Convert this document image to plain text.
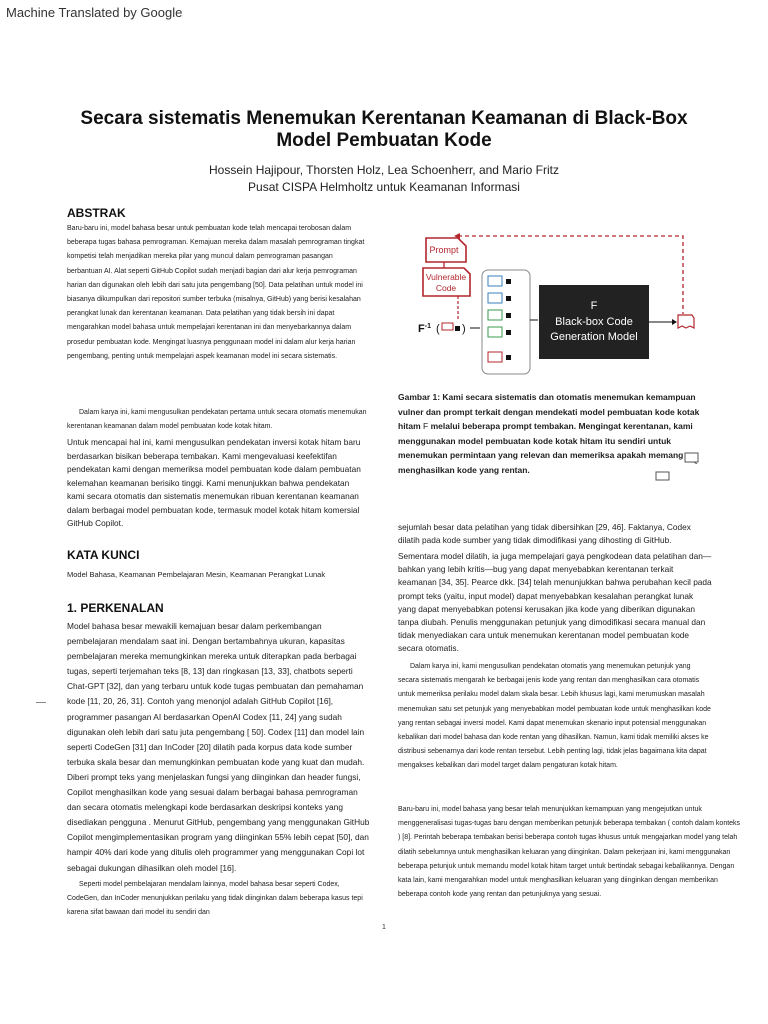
Machine Translated by Google
Secara sistematis Menemukan Kerentanan Keamanan di Black-Box
Model Pembuatan Kode
Hossein Hajipour, Thorsten Holz, Lea Schoenherr, and Mario Fritz
Pusat CISPA Helmholtz untuk Keamanan Informasi
ABSTRAK
Baru-baru ini, model bahasa besar untuk pembuatan kode telah mencapai terobosan dalam beberapa tugas bahasa pemrograman. Kemajuan mereka dalam masalah pemrograman tingkat kompetisi telah menjadikan mereka pilar yang muncul dalam pemrograman pasangan berbantuan AI. Alat seperti GitHub Copilot sudah menjadi bagian dari alur kerja pemrograman harian dan digunakan oleh lebih dari satu juta pengembang [50]. Data pelatihan untuk model ini biasanya dikumpulkan dari repositori sumber terbuka (misalnya, GitHub) yang berisi kesalahan perangkat lunak dan kerentanan keamanan. Data pelatihan yang tidak bersih ini dapat mengarahkan model bahasa untuk mempelajari kerentanan ini dan menyebarkannya dalam prosedur pembuatan kode. Mengingat luasnya penggunaan model ini dalam alur kerja harian pengembang, penting untuk mempelajari aspek keamanan model ini secara sistematis.
Dalam karya ini, kami mengusulkan pendekatan pertama untuk secara otomatis menemukan kerentanan keamanan dalam model pembuatan kode kotak hitam.
Untuk mencapai hal ini, kami mengusulkan pendekatan inversi kotak hitam baru berdasarkan bisikan beberapa tembakan. Kami mengevaluasi keefektifan pendekatan kami dengan memeriksa model pembuatan kode dalam pembuatan kelemahan keamanan berisiko tinggi. Kami menunjukkan bahwa pendekatan kami secara otomatis dan sistematis menemukan ribuan kerentanan keamanan dalam berbagai model pembuatan kode, termasuk model kotak hitam komersial GitHub Copilot.
KATA KUNCI
Model Bahasa, Keamanan Pembelajaran Mesin, Keamanan Perangkat Lunak
1. PERKENALAN
Model bahasa besar mewakili kemajuan besar dalam perkembangan pembelajaran mendalam saat ini. Dengan bertambahnya ukuran, kapasitas pembelajaran mereka memungkinkan mereka untuk diterapkan pada berbagai tugas, seperti terjemahan teks [8, 13] dan ringkasan [13, 33], chatbots seperti Chat-GPT [32], dan yang terbaru untuk kode tugas pembuatan dan pemahaman kode [11, 20, 26, 31]. Contoh yang menonjol adalah GitHub Copilot [16], programmer pasangan AI berdasarkan OpenAI Codex [11, 24] yang sudah digunakan oleh lebih dari satu juta pengembang [ 50]. Codex [11] dan model lain seperti CodeGen [31] dan InCoder [20] dilatih pada korpus data kode sumber terbuka skala besar dan memungkinkan pembuatan kode yang kuat dan mudah. Diberi prompt teks yang menjelaskan fungsi yang diinginkan dan header fungsi, Copilot menghasilkan kode yang sesuai dalam berbagai bahasa pemrograman dan secara otomatis melengkapi kode berdasarkan deskripsi konteks yang disediakan pengguna . Menurut GitHub, pengembang yang menggunakan GitHub Copilot mengimplementasikan program yang diinginkan 55% lebih cepat [50], dan hampir 40% dari kode yang ditulis oleh programmer yang menggunakan Copi lot sebagai dukungan dihasilkan oleh model [16].
Seperti model pembelajaran mendalam lainnya, model bahasa besar seperti Codex, CodeGen, dan InCoder menunjukkan perilaku yang tidak diinginkan dalam beberapa kasus tepi karena sifat bawaan dari model itu sendiri dan
Prompt
Vulnerable
Code
$F^{-1}$ ( )
F
Black-box Code
Generation Model
Gambar 1: Kami secara sistematis dan otomatis menemukan kemampuan vulner dan prompt terkait dengan mendekati model pembuatan kode kotak hitam F melalui beberapa prompt tembakan. Mengingat kerentanan, kami menggunakan model pembuatan kode kotak hitam itu sendiri untuk menemukan permintaan yang relevan dan memeriksa apakah memang menghasilkan kode yang rentan.
sejumlah besar data pelatihan yang tidak dibersihkan [29, 46]. Faktanya, Codex dilatih pada kode sumber yang tidak dimodifikasi yang dihosting di GitHub.
Sementara model dilatih, ia juga mempelajari gaya pengkodean data pelatihan dan—bahkan yang lebih kritis—bug yang dapat menyebabkan kerentanan terkait keamanan [34, 35]. Pearce dkk. [34] telah menunjukkan bahwa perubahan kecil pada prompt teks (yaitu, input model) dapat menyebabkan kesalahan perangkat lunak yang dapat menyebabkan potensi kerusakan jika kode yang diberikan digunakan tanpa diubah. Penulis menggunakan petunjuk yang dimodifikasi secara manual dan tidak menyediakan cara untuk menemukan kerentanan model pembuatan kode secara otomatis.
Dalam karya ini, kami mengusulkan pendekatan otomatis yang menemukan petunjuk yang secara sistematis mengarah ke berbagai jenis kode yang rentan dan menghasilkan cara otomatis untuk memeriksa perilaku model dalam skala besar. Lebih khusus lagi, kami merumuskan masalah menemukan satu set petunjuk yang menyebabkan model pembuatan kode untuk menghasilkan kode yang rentan sebagai inversi model. Kami dapat menemukan skenario input potensial menggunakan kebalikan dari model bahasa dan kode rentan yang dihasilkan. Namun, kami tidak memiliki akses ke distribusi sebenarnya dari kode rentan tersebut. Lebih penting lagi, tidak jelas bagaimana kita dapat mengakses kebalikan dari model target dalam pengaturan kotak hitam.
Baru-baru ini, model bahasa yang besar telah menunjukkan kemampuan yang mengejutkan untuk menggeneralisasi tugas-tugas baru dengan memberikan petunjuk beberapa tembakan ( contoh dalam konteks ) [8]. Perintah beberapa tembakan berisi beberapa contoh tugas khusus untuk mengajarkan model yang telah dilatih sebelumnya untuk menghasilkan keluaran yang diinginkan. Dalam pekerjaan ini, kami menggunakan beberapa petunjuk untuk memandu model kotak hitam target untuk bertindak sebagai kebalikannya. Dengan kata lain, kami mengarahkan model untuk menghasilkan keluaran yang diinginkan dengan memberikan beberapa contoh kode yang rentan dan petunjuknya yang sesuai.
1
